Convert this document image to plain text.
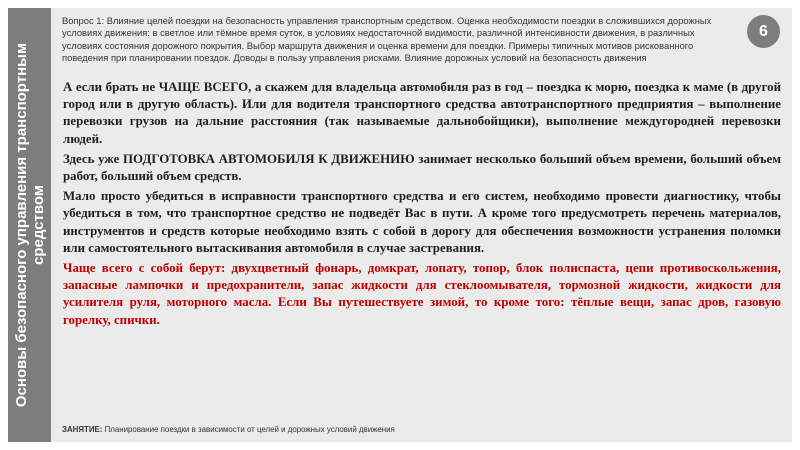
Основы безопасного управления транспортным средством
Вопрос 1: Влияние целей поездки на безопасность управления транспортным средством. Оценка необходимости поездки в сложившихся дорожных условиях движения: в светлое или тёмное время суток, в условиях недостаточной видимости, различной интенсивности движения, в различных условиях состояния дорожного покрытия. Выбор маршрута движения и оценка времени для поездки. Примеры типичных мотивов рискованного поведения при планировании поездок. Доводы в пользу управления рисками. Влияние дорожных условий на безопасность движения
6

А если брать не ЧАЩЕ ВСЕГО, а скажем для владельца автомобиля раз в год – поездка к морю, поездка к маме (в другой город или в другую область). Или для водителя транспортного средства автотранспортного предприятия – выполнение перевозки грузов на дальние расстояния (так называемые дальнобойщики), выполнение междугородней перевозки людей.

Здесь уже ПОДГОТОВКА АВТОМОБИЛЯ К ДВИЖЕНИЮ занимает несколько больший объем времени, больший объем работ, больший объем средств.

Мало просто убедиться в исправности транспортного средства и его систем, необходимо провести диагностику, чтобы убедиться в том, что транспортное средство не подведёт Вас в пути. А кроме того предусмотреть перечень материалов, инструментов и средств которые необходимо взять с собой в дорогу для обеспечения возможности устранения поломки или самостоятельного вытаскивания автомобиля в случае застревания.

Чаще всего с собой берут: двухцветный фонарь, домкрат, лопату, топор, блок полиспаста, цепи противоскольжения, запасные лампочки и предохранители, запас жидкости для стеклоомывателя, тормозной жидкости, жидкости для усилителя руля, моторного масла. Если Вы путешествуете зимой, то кроме того: тёплые вещи, запас дров, газовую горелку, спички.

ЗАНЯТИЕ: Планирование поездки в зависимости от целей и дорожных условий движения
